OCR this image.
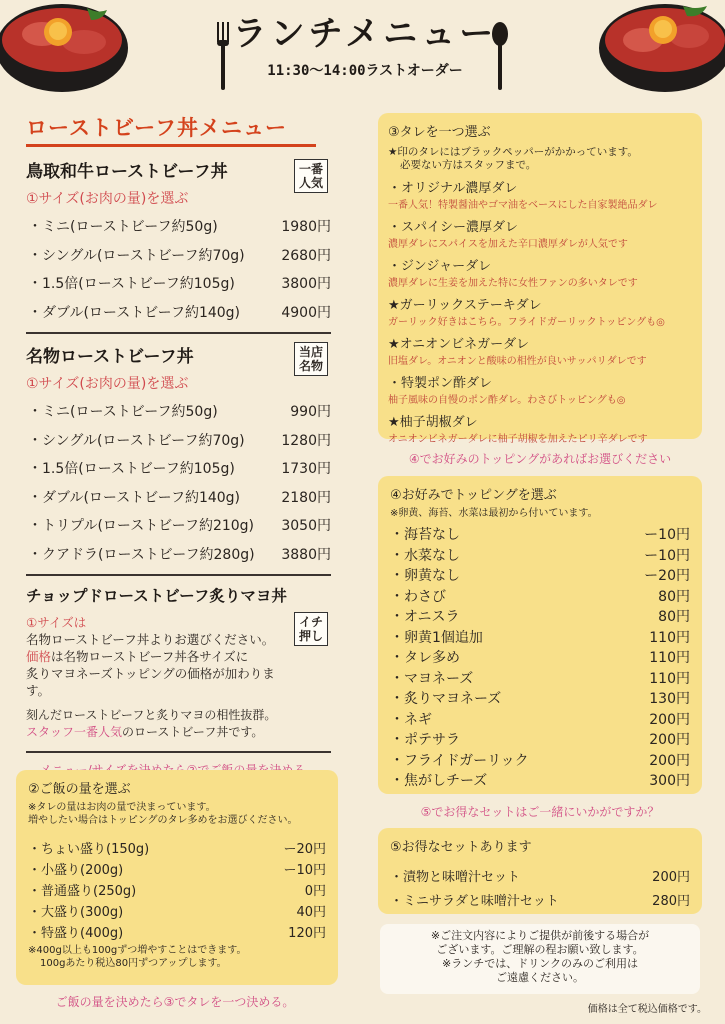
ランチメニュー
11:30〜14:00ラストオーダー
ローストビーフ丼メニュー
鳥取和牛ローストビーフ丼	一番人気
①サイズ(お肉の量)を選ぶ
・ミニ(ローストビーフ約50g)	1980円
・シングル(ローストビーフ約70g)	2680円
・1.5倍(ローストビーフ約105g)	3800円
・ダブル(ローストビーフ約140g)	4900円
名物ローストビーフ丼	当店名物
①サイズ(お肉の量)を選ぶ
・ミニ(ローストビーフ約50g)	990円
・シングル(ローストビーフ約70g)	1280円
・1.5倍(ローストビーフ約105g)	1730円
・ダブル(ローストビーフ約140g)	2180円
・トリプル(ローストビーフ約210g) 3050円
・クアドラ(ローストビーフ約280g) 3880円
チョップドローストビーフ炙りマヨ丼
イチ押し
①サイズは
名物ローストビーフ丼よりお選びください。
価格は名物ローストビーフ丼各サイズに
炙りマヨネーズトッピングの価格が加わります。
刻んだローストビーフと炙りマヨの相性抜群。
スタッフ一番人気のローストビーフ丼です。
②ご飯の量を選ぶ
※タレの量はお肉の量で決まっています。
増やしたい場合はトッピングのタレ多めをお選びください。
・ちょい盛り(150g)	ー20円
・小盛り(200g)	ー10円
・普通盛り(250g)	0円
・大盛り(300g)	40円
・特盛り(400g)	120円
※400g以上も100gずつ増やすことはできます。
100gあたり税込80円ずつアップします。
ご飯の量を決めたら③でタレを一つ決める。
③タレを一つ選ぶ
★印のタレにはブラックペッパーがかかっています。
必要ない方はスタッフまで。
・オリジナル濃厚ダレ
一番人気！特製醤油やゴマ油をベースにした自家製絶品ダレ
・スパイシー濃厚ダレ
濃厚ダレにスパイスを加えた辛口濃厚ダレが人気です
・ジンジャーダレ
濃厚ダレに生姜を加えた特に女性ファンの多いタレです
★ガーリックステーキダレ
ガーリック好きはこちら。フライドガーリックトッピングも◎
★オニオンビネガーダレ
旧塩ダレ。オニオンと酸味の相性が良いサッパリダレです
・特製ポン酢ダレ
柚子風味の自慢のポン酢ダレ。わさびトッピングも◎
★柚子胡椒ダレ
オニオンビネガーダレに柚子胡椒を加えたピリ辛ダレです
④でお好みのトッピングがあればお選びください
④お好みでトッピングを選ぶ
※卵黄、海苔、水菜は最初から付いています。
・海苔なし	ー10円
・水菜なし	ー10円
・卵黄なし	ー20円
・わさび	80円
・オニスラ	80円
・卵黄1個追加	110円
・タレ多め	110円
・マヨネーズ	110円
・炙りマヨネーズ	130円
・ネギ	200円
・ポテサラ	200円
・フライドガーリック	200円
・焦がしチーズ	300円
⑤でお得なセットはご一緒にいかがですか？
⑤お得なセットあります
・漬物と味噌汁セット	200円
・ミニサラダと味噌汁セット	280円
※ご注文内容によりご提供が前後する場合が
ございます。ご理解の程お願い致します。
※ランチでは、ドリンクのみのご利用は
ご遠慮ください。
価格は全て税込価格です。
